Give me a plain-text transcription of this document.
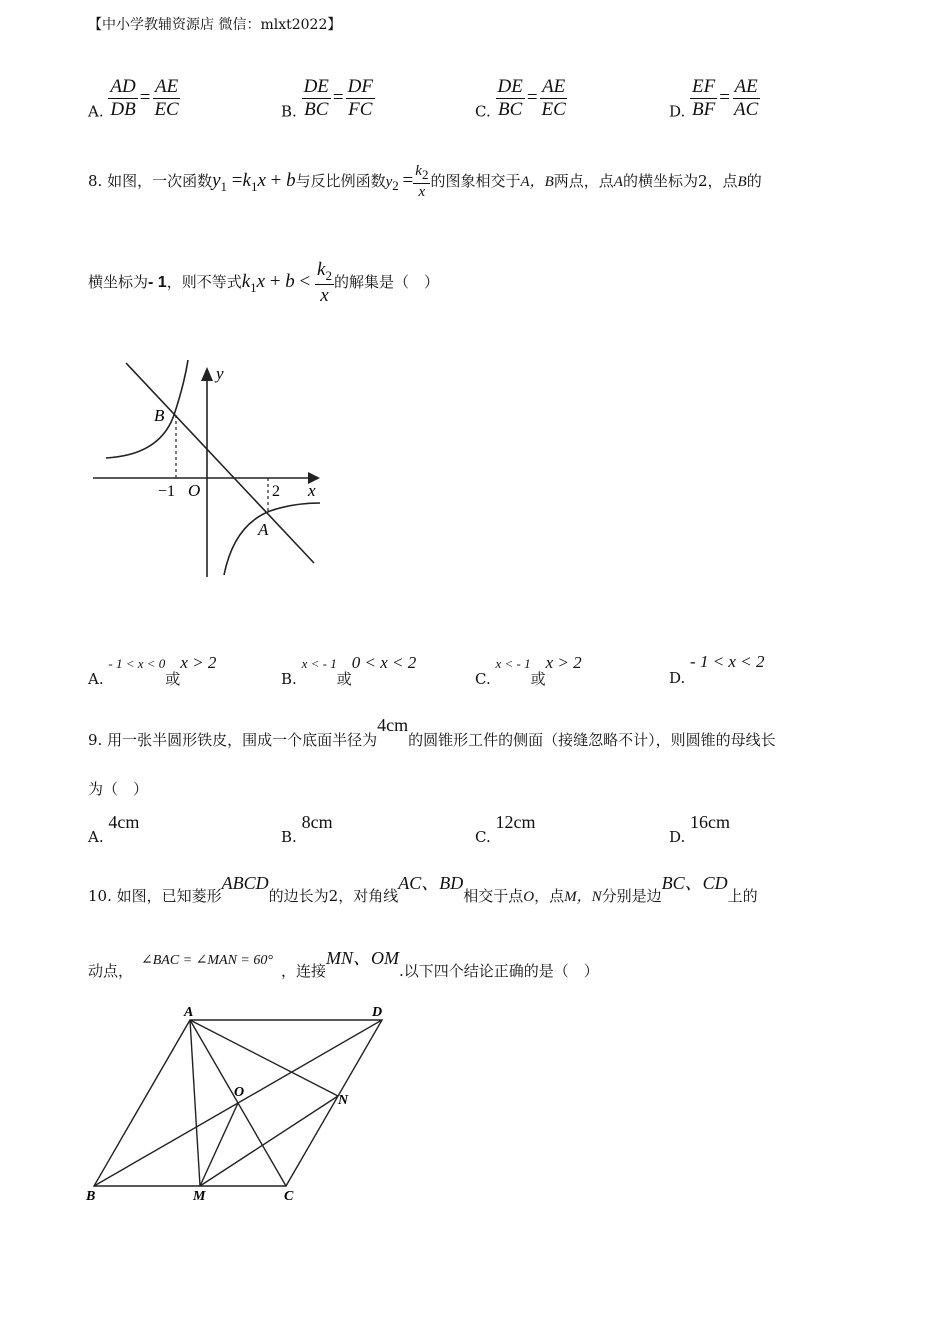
【中小学教辅资源店 微信：mlxt2022】
A. $\frac{AD}{DB} = \frac{AE}{EC}$	B. $\frac{DE}{BC} = \frac{DF}{FC}$	C. $\frac{DE}{BC} = \frac{AE}{EC}$	D. $\frac{EF}{BF} = \frac{AE}{AC}$
8. 如图，一次函数$y_1 =k_1x + b$与反比例函数$y_2 = \frac{k_2}{x}$ 的图象相交于A，B两点，点A的横坐标为2，点B的
横坐标为- 1，则不等式$k_1x + b < \frac{k_2}{x}$ 的解集是（　）
y
x
B
A
O
−1	2
A. - 1 < x < 0或x > 2
B. x < - 1或0 < x < 2
C. x < - 1或x > 2
D. - 1 < x < 2
9. 用一张半圆形铁皮，围成一个底面半径为4cm的圆锥形工件的侧面（接缝忽略不计），则圆锥的母线长
为（　）
A. 4cm
B. 8cm
C. 12cm
D. 16cm
10. 如图，已知菱形ABCD的边长为2，对角线AC、BD相交于点O，点M，N分别是边BC、CD上的
动点，∠BAC = ∠MAN = 60°，连接MN、OM.以下四个结论正确的是（　）
A	D
B	M	C
O
N
